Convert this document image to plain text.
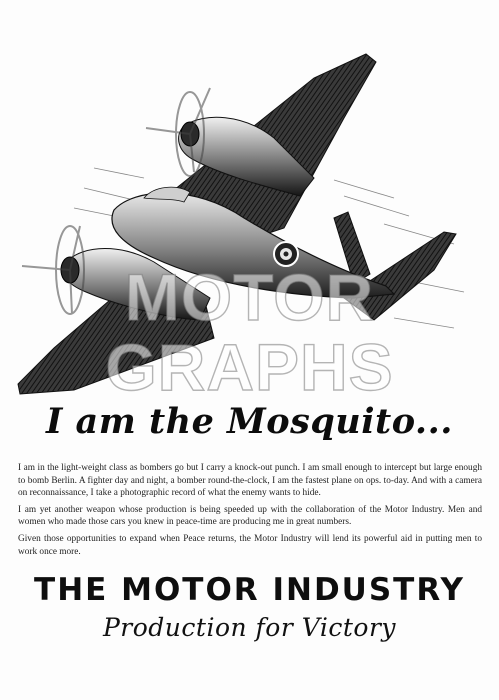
MOTOR
GRAPHS
I am the Mosquito...

I am in the light-weight class as bombers go but I carry a knock-out punch. I am small enough to intercept but large enough to bomb Berlin. A fighter day and night, a bomber round-the-clock, I am the fastest plane on ops. to-day. And with a camera on reconnaissance, I take a photographic record of what the enemy wants to hide.

I am yet another weapon whose production is being speeded up with the collaboration of the Motor Industry. Men and women who made those cars you knew in peace-time are producing me in great numbers.

Given those opportunities to expand when Peace returns, the Motor Industry will lend its powerful aid in putting men to work once more.

THE MOTOR INDUSTRY
Production for Victory
